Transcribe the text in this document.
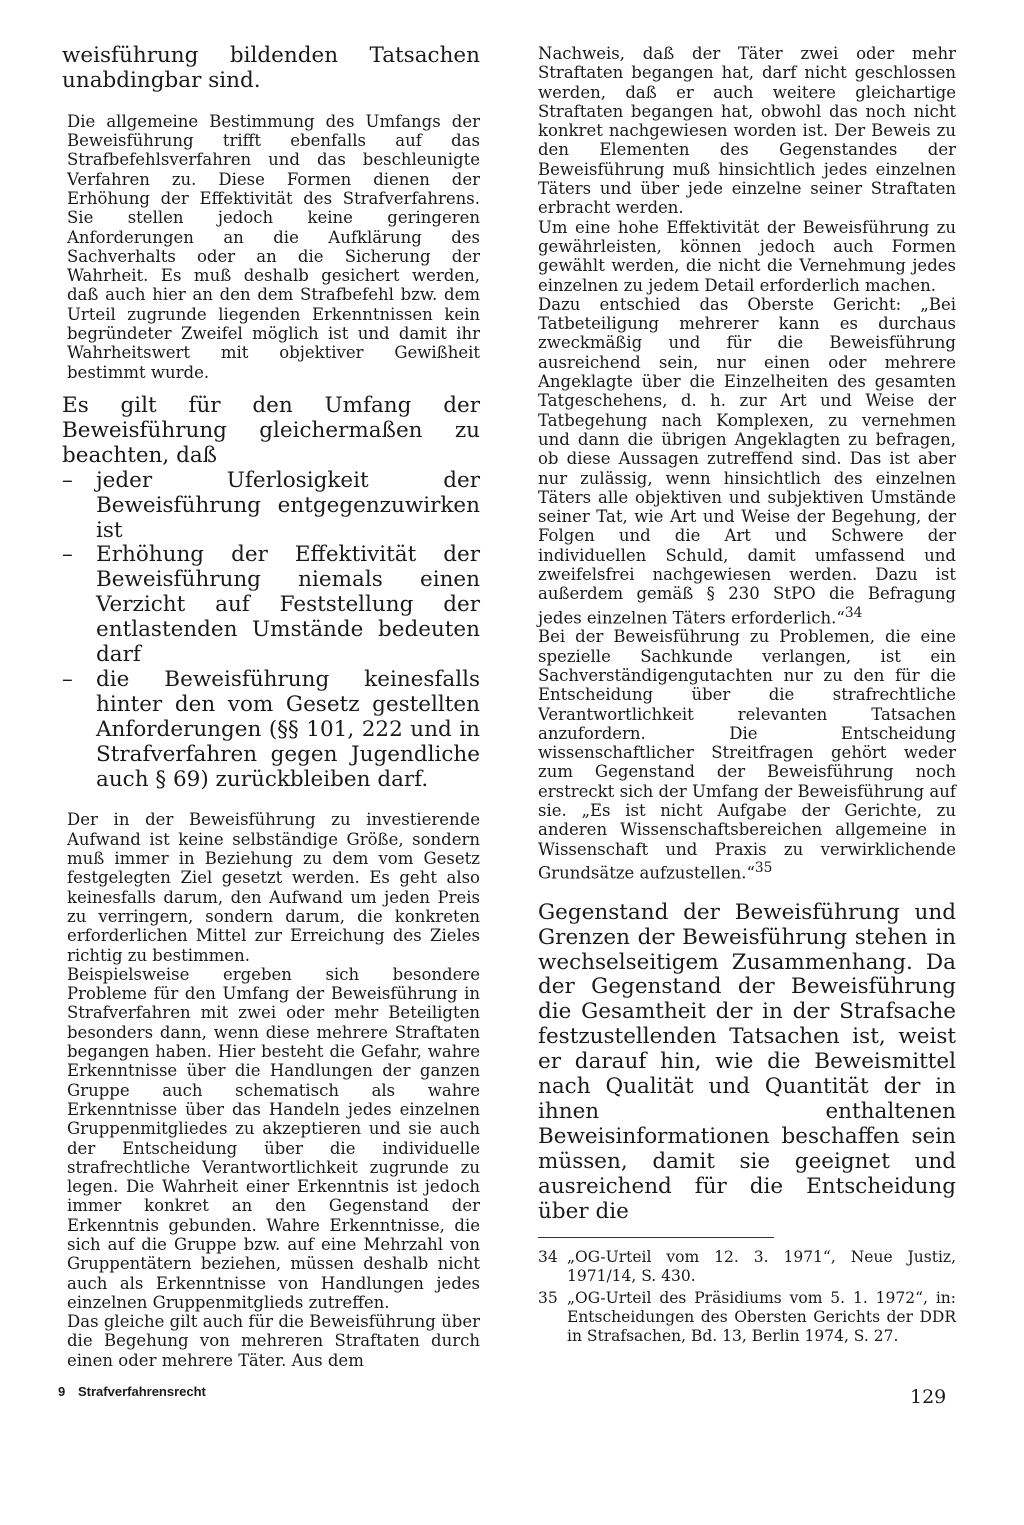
weisführung bildenden Tatsachen unabdingbar sind.

Die allgemeine Bestimmung des Umfangs der Beweisführung trifft ebenfalls auf das Strafbefehlsverfahren und das beschleunigte Verfahren zu. Diese Formen dienen der Erhöhung der Effektivität des Strafverfahrens. Sie stellen jedoch keine geringeren Anforderungen an die Aufklärung des Sachverhalts oder an die Sicherung der Wahrheit. Es muß deshalb gesichert werden, daß auch hier an den dem Strafbefehl bzw. dem Urteil zugrunde liegenden Erkenntnissen kein begründeter Zweifel möglich ist und damit ihr Wahrheitswert mit objektiver Gewißheit bestimmt wurde.

Es gilt für den Umfang der Beweisführung gleichermaßen zu beachten, daß

– jeder Uferlosigkeit der Beweisführung entgegenzuwirken ist
– Erhöhung der Effektivität der Beweisführung niemals einen Verzicht auf Feststellung der entlastenden Umstände bedeuten darf
– die Beweisführung keinesfalls hinter den vom Gesetz gestellten Anforderungen (§§ 101, 222 und in Strafverfahren gegen Jugendliche auch § 69) zurückbleiben darf.

Der in der Beweisführung zu investierende Aufwand ist keine selbständige Größe, sondern muß immer in Beziehung zu dem vom Gesetz festgelegten Ziel gesetzt werden. Es geht also keinesfalls darum, den Aufwand um jeden Preis zu verringern, sondern darum, die konkreten erforderlichen Mittel zur Erreichung des Zieles richtig zu bestimmen.

Beispielsweise ergeben sich besondere Probleme für den Umfang der Beweisführung in Strafverfahren mit zwei oder mehr Beteiligten besonders dann, wenn diese mehrere Straftaten begangen haben. Hier besteht die Gefahr, wahre Erkenntnisse über die Handlungen der ganzen Gruppe auch schematisch als wahre Erkenntnisse über das Handeln jedes einzelnen Gruppenmitgliedes zu akzeptieren und sie auch der Entscheidung über die individuelle strafrechtliche Verantwortlichkeit zugrunde zu legen. Die Wahrheit einer Erkenntnis ist jedoch immer konkret an den Gegenstand der Erkenntnis gebunden. Wahre Erkenntnisse, die sich auf die Gruppe bzw. auf eine Mehrzahl von Gruppentätern beziehen, müssen deshalb nicht auch als Erkenntnisse von Handlungen jedes einzelnen Gruppenmitglieds zutreffen.

Das gleiche gilt auch für die Beweisführung über die Begehung von mehreren Straftaten durch einen oder mehrere Täter. Aus dem

Nachweis, daß der Täter zwei oder mehr Straftaten begangen hat, darf nicht geschlossen werden, daß er auch weitere gleichartige Straftaten begangen hat, obwohl das noch nicht konkret nachgewiesen worden ist. Der Beweis zu den Elementen des Gegenstandes der Beweisführung muß hinsichtlich jedes einzelnen Täters und über jede einzelne seiner Straftaten erbracht werden.

Um eine hohe Effektivität der Beweisführung zu gewährleisten, können jedoch auch Formen gewählt werden, die nicht die Vernehmung jedes einzelnen zu jedem Detail erforderlich machen.

Dazu entschied das Oberste Gericht: „Bei Tatbeteiligung mehrerer kann es durchaus zweckmäßig und für die Beweisführung ausreichend sein, nur einen oder mehrere Angeklagte über die Einzelheiten des gesamten Tatgeschehens, d. h. zur Art und Weise der Tatbegehung nach Komplexen, zu vernehmen und dann die übrigen Angeklagten zu befragen, ob diese Aussagen zutreffend sind. Das ist aber nur zulässig, wenn hinsichtlich des einzelnen Täters alle objektiven und subjektiven Umstände seiner Tat, wie Art und Weise der Begehung, der Folgen und die Art und Schwere der individuellen Schuld, damit umfassend und zweifelsfrei nachgewiesen werden. Dazu ist außerdem gemäß § 230 StPO die Befragung jedes einzelnen Täters erforderlich.“$^{34}$

Bei der Beweisführung zu Problemen, die eine spezielle Sachkunde verlangen, ist ein Sachverständigengutachten nur zu den für die Entscheidung über die strafrechtliche Verantwortlichkeit relevanten Tatsachen anzufordern. Die Entscheidung wissenschaftlicher Streitfragen gehört weder zum Gegenstand der Beweisführung noch erstreckt sich der Umfang der Beweisführung auf sie. „Es ist nicht Aufgabe der Gerichte, zu anderen Wissenschaftsbereichen allgemeine in Wissenschaft und Praxis zu verwirklichende Grundsätze aufzustellen.“$^{35}$

Gegenstand der Beweisführung und Grenzen der Beweisführung stehen in wechselseitigem Zusammenhang. Da der Gegenstand der Beweisführung die Gesamtheit der in der Strafsache festzustellenden Tatsachen ist, weist er darauf hin, wie die Beweismittel nach Qualität und Quantität der in ihnen enthaltenen Beweisinformationen beschaffen sein müssen, damit sie geeignet und ausreichend für die Entscheidung über die

34 „OG-Urteil vom 12. 3. 1971“, Neue Justiz, 1971/14, S. 430.
35 „OG-Urteil des Präsidiums vom 5. 1. 1972“, in: Entscheidungen des Obersten Gerichts der DDR in Strafsachen, Bd. 13, Berlin 1974, S. 27.
9 Strafverfahrensrecht	129
